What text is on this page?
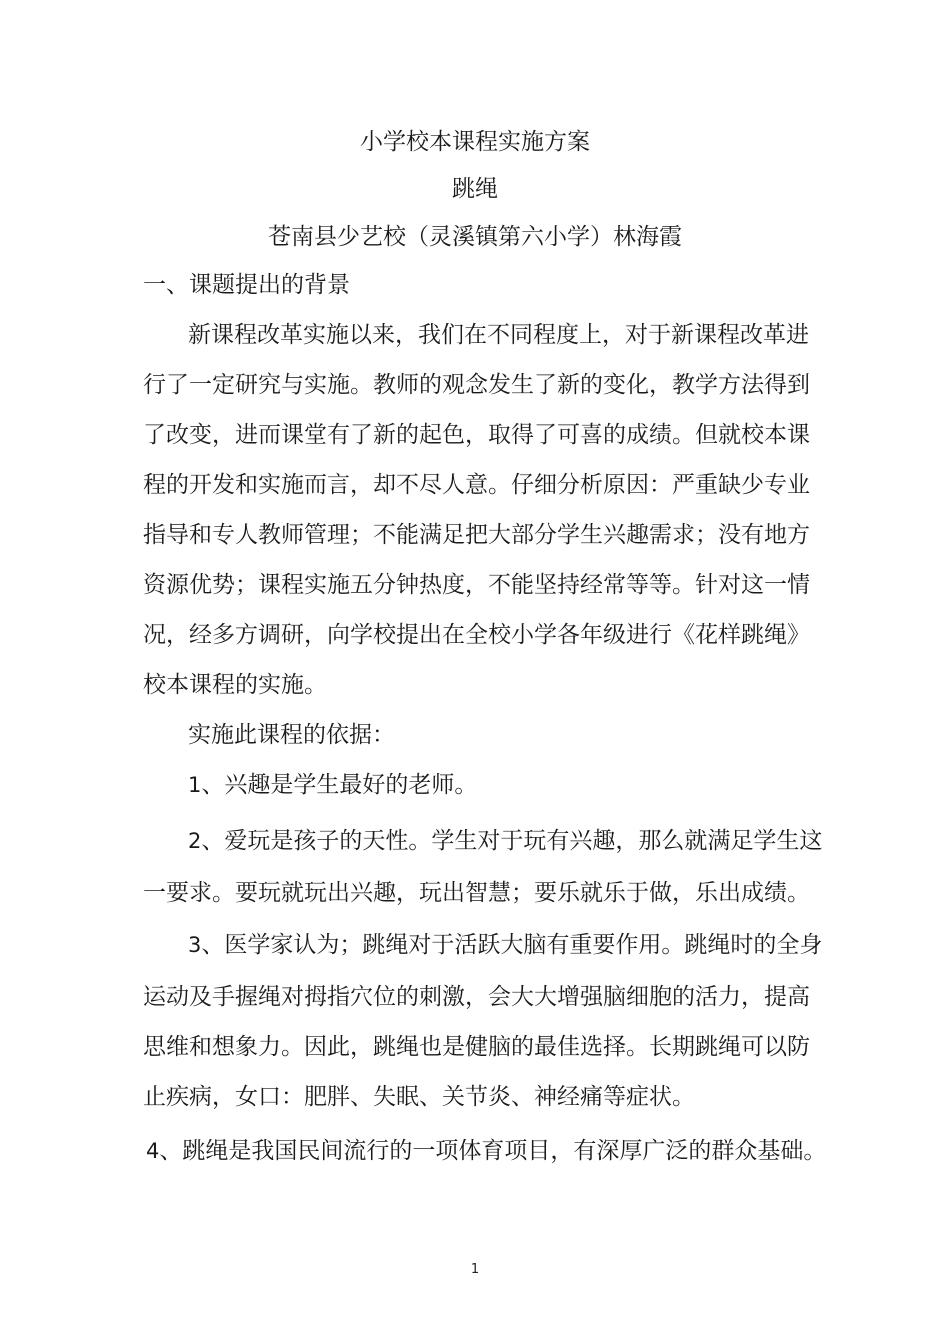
小学校本课程实施方案
跳绳
苍南县少艺校（灵溪镇第六小学）林海霞
一、课题提出的背景
新课程改革实施以来，我们在不同程度上，对于新课程改革进
行了一定研究与实施。教师的观念发生了新的变化，教学方法得到
了改变，进而课堂有了新的起色，取得了可喜的成绩。但就校本课
程的开发和实施而言，却不尽人意。仔细分析原因：严重缺少专业
指导和专人教师管理；不能满足把大部分学生兴趣需求；没有地方
资源优势；课程实施五分钟热度，不能坚持经常等等。针对这一情
况，经多方调研，向学校提出在全校小学各年级进行《花样跳绳》
校本课程的实施。
实施此课程的依据：
1、兴趣是学生最好的老师。
2、爱玩是孩子的天性。学生对于玩有兴趣，那么就满足学生这
一要求。要玩就玩出兴趣，玩出智慧；要乐就乐于做，乐出成绩。
3、医学家认为；跳绳对于活跃大脑有重要作用。跳绳时的全身
运动及手握绳对拇指穴位的刺激，会大大增强脑细胞的活力，提高
思维和想象力。因此，跳绳也是健脑的最佳选择。长期跳绳可以防
止疾病，女口：肥胖、失眠、关节炎、神经痛等症状。
4、跳绳是我国民间流行的一项体育项目，有深厚广泛的群众基础。
1
